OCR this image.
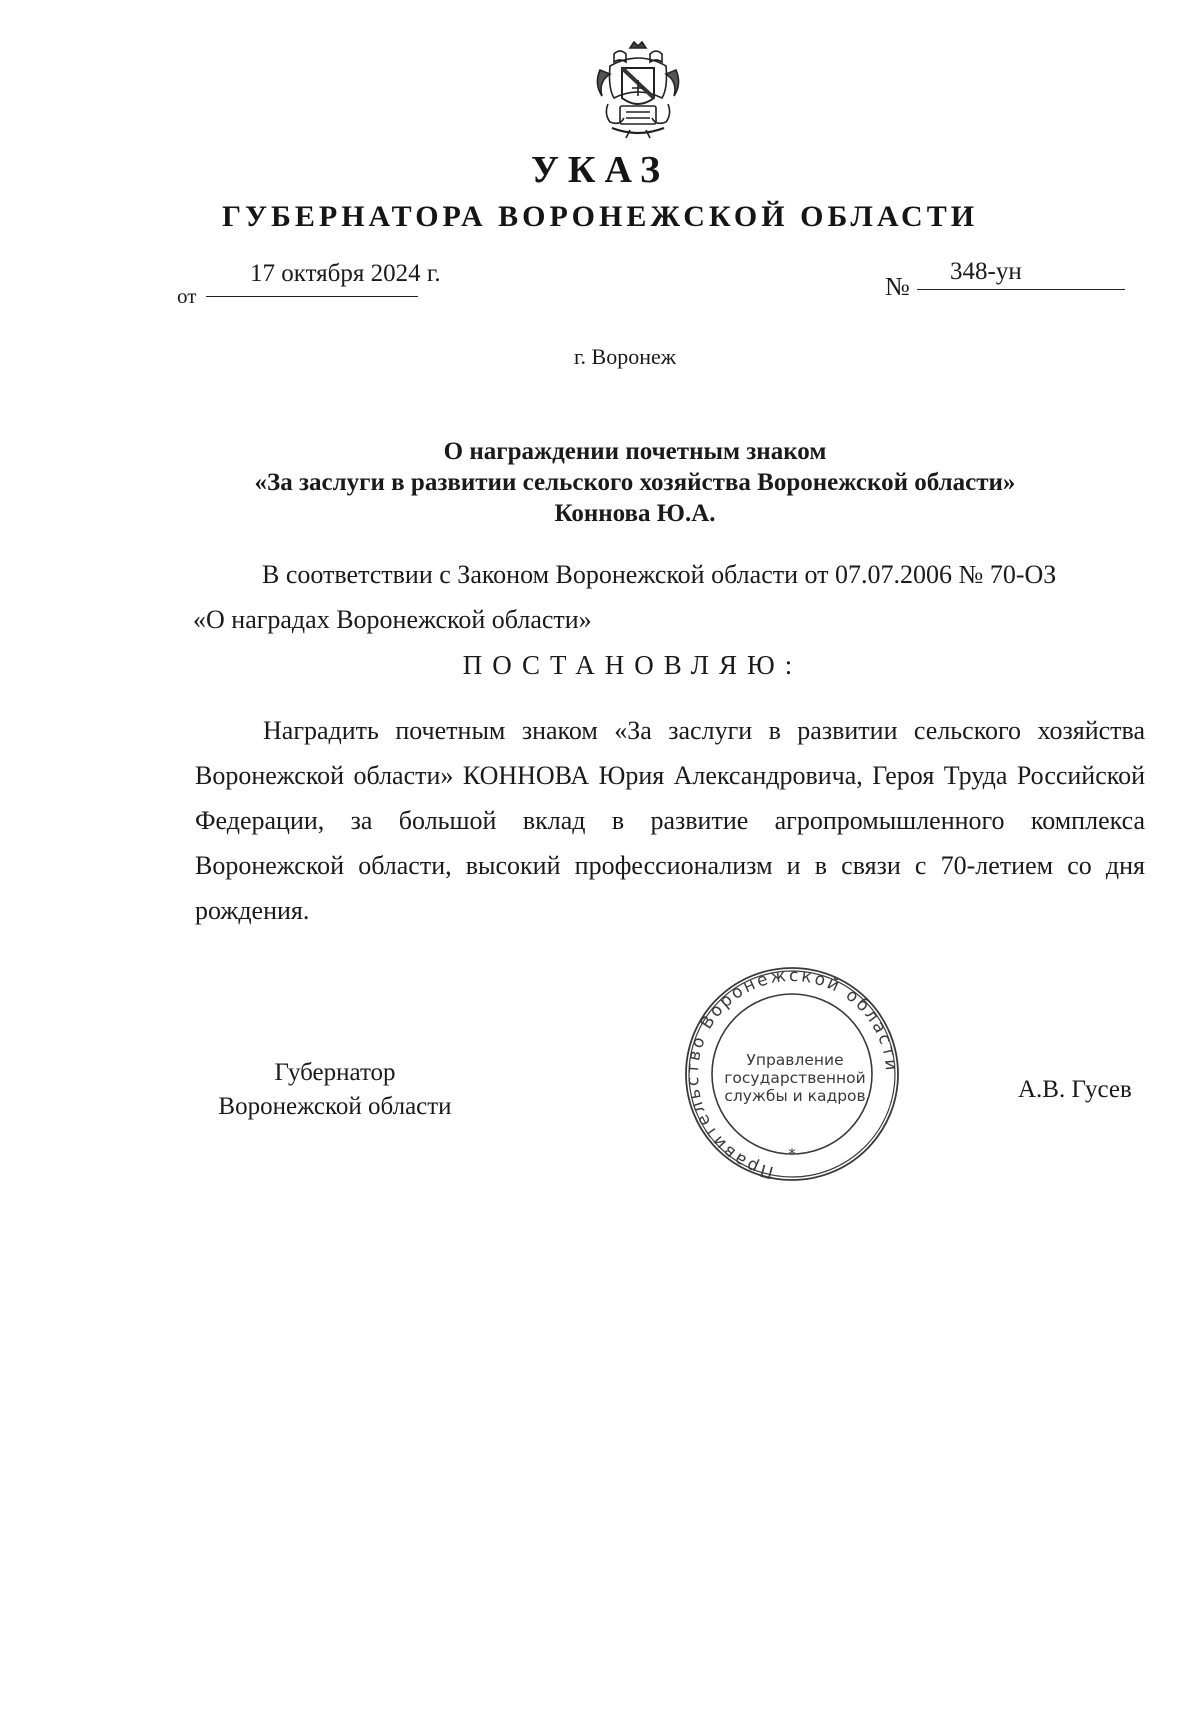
УКАЗ
ГУБЕРНАТОРА ВОРОНЕЖСКОЙ ОБЛАСТИ
от
17 октября 2024 г.	№
348-ун
г. Воронеж
О награждении почетным знаком
«За заслуги в развитии сельского хозяйства Воронежской области»
Коннова Ю.А.
В соответствии с Законом Воронежской области от 07.07.2006 № 70-ОЗ
«О наградах Воронежской области»
ПОСТАНОВЛЯЮ:
Наградить почетным знаком «За заслуги в развитии сельского хозяйства Воронежской области» КОННОВА Юрия Александровича, Героя Труда Российской Федерации, за большой вклад в развитие агропромышленного комплекса Воронежской области, высокий профессионализм и в связи с 70-летием со дня рождения.
Губернатор
Воронежской области
Правительство Воронежской области
*
Управление
государственной
службы и кадров	А.В. Гусев
